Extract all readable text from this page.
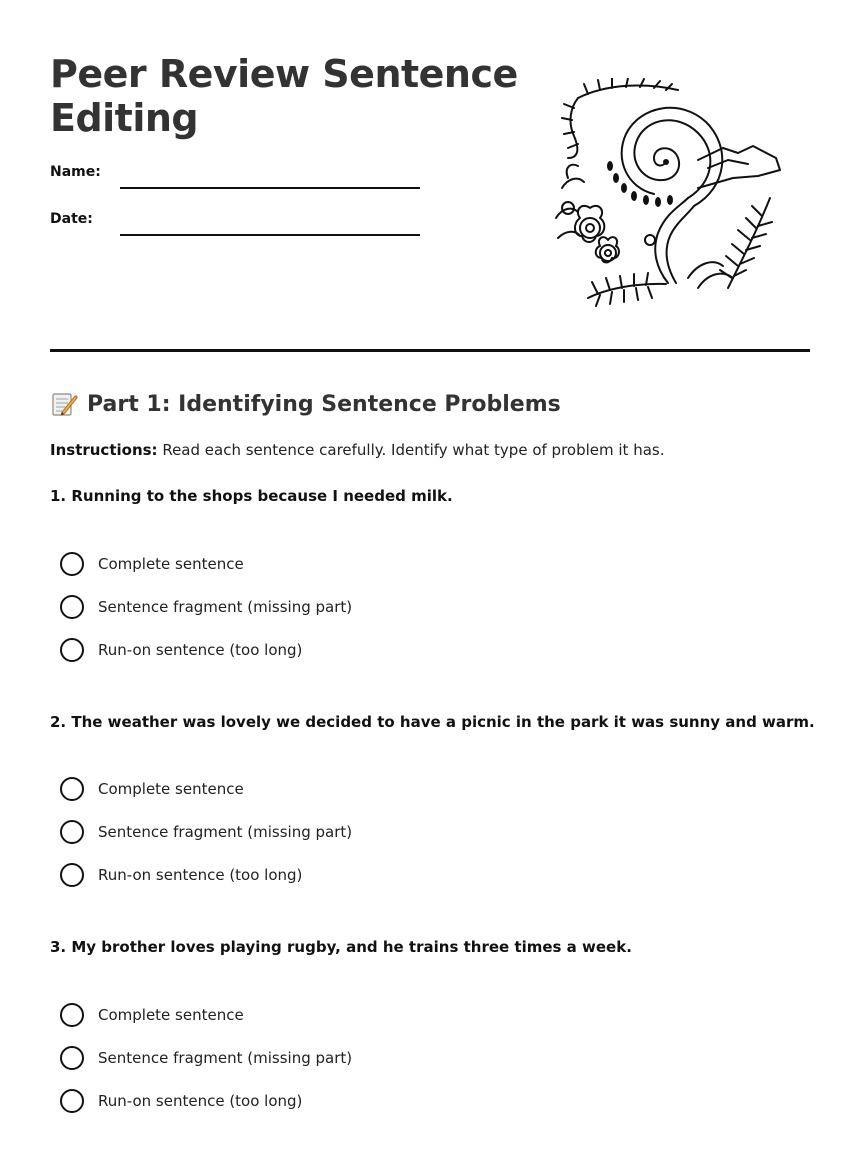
Peer Review Sentence
Editing
Name:
Date:
Part 1: Identifying Sentence Problems

Instructions: Read each sentence carefully. Identify what type of problem it has.

1. Running to the shops because I needed milk.
Complete sentence
Sentence fragment (missing part)
Run-on sentence (too long)
2. The weather was lovely we decided to have a picnic in the park it was sunny and warm.
Complete sentence
Sentence fragment (missing part)
Run-on sentence (too long)
3. My brother loves playing rugby, and he trains three times a week.
Complete sentence
Sentence fragment (missing part)
Run-on sentence (too long)
